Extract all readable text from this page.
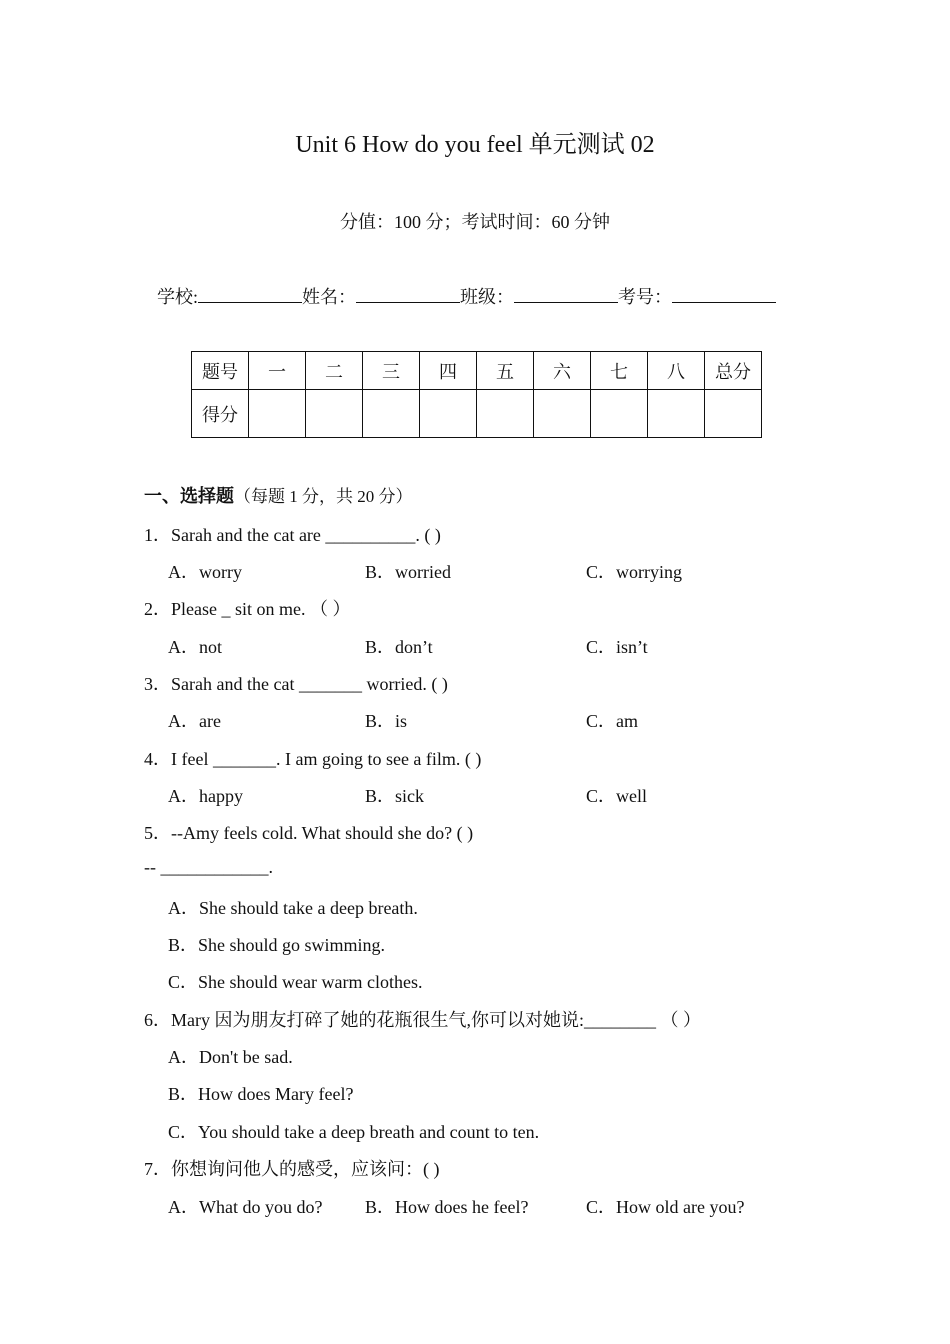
Unit 6 How do you feel 单元测试 02
分值：100 分；考试时间：60 分钟
学校:	姓名：	班级：	考号：
题号	一	二	三	四	五	六	七	八	总分
得分									
一、选择题（每题 1 分，共 20 分）
1．Sarah and the cat are __________. ( )
A．worry	B．worried	C．worrying
2．Please _ sit on me. （ ）
A．not	B．don’t	C．isn’t
3．Sarah and the cat _______ worried. ( )
A．are	B．is	C．am
4．I feel _______. I am going to see a film. ( )
A．happy	B．sick	C．well
5．--Amy feels cold. What should she do? ( )
-- ____________.
A．She should take a deep breath.
B．She should go swimming.
C．She should wear warm clothes.
6．Mary 因为朋友打碎了她的花瓶很生气,你可以对她说:________ （ ）
A．Don't be sad.
B．How does Mary feel?
C．You should take a deep breath and count to ten.
7．你想询问他人的感受，应该问：( )
A．What do you do? B．How does he feel?	C．How old are you?
